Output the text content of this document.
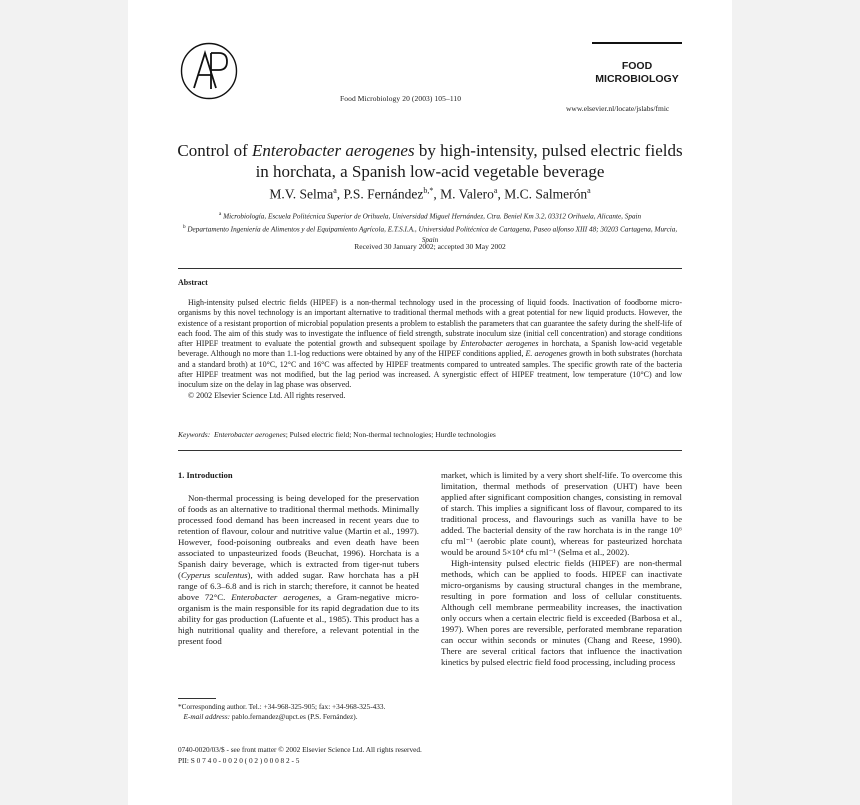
Food Microbiology 20 (2003) 105–110
FOOD
MICROBIOLOGY
www.elsevier.nl/locate/jslabs/fmic
Control of Enterobacter aerogenes by high-intensity, pulsed electric fields in horchata, a Spanish low-acid vegetable beverage
M.V. Selma$^a$, P.S. Fernández$^{b,*}$, M. Valero$^a$, M.C. Salmerón$^a$
$^a$ Microbiología, Escuela Politécnica Superior de Orihuela, Universidad Miguel Hernández, Ctra. Beniel Km 3.2, 03312 Orihuela, Alicante, Spain
$^b$ Departamento Ingeniería de Alimentos y del Equipamiento Agrícola, E.T.S.I.A., Universidad Politécnica de Cartagena, Paseo alfonso XIII 48; 30203 Cartagena, Murcia, Spain
Received 30 January 2002; accepted 30 May 2002
Abstract

High-intensity pulsed electric fields (HIPEF) is a non-thermal technology used in the processing of liquid foods. Inactivation of foodborne micro-organisms by this novel technology is an important alternative to traditional thermal methods with a great potential for new liquid products. However, the existence of a resistant proportion of microbial population presents a problem to establish the parameters that can guarantee the safety during the shelf-life of each food. The aim of this study was to investigate the influence of field strength, substrate inoculum size (initial cell concentration) and storage conditions after HIPEF treatment to evaluate the potential growth and subsequent spoilage by Enterobacter aerogenes in horchata, a Spanish low-acid vegetable beverage. Although no more than 1.1-log reductions were obtained by any of the HIPEF conditions applied, E. aerogenes growth in both substrates (horchata and a standard broth) at 10°C, 12°C and 16°C was affected by HIPEF treatments compared to untreated samples. The specific growth rate of the bacteria after HIPEF treatment was not modified, but the lag period was increased. A synergistic effect of HIPEF treatment, low temperature (10°C) and low inoculum size on the delay in lag phase was observed.

© 2002 Elsevier Science Ltd. All rights reserved.

Keywords: Enterobacter aerogenes; Pulsed electric field; Non-thermal technologies; Hurdle technologies

1. Introduction

Non-thermal processing is being developed for the preservation of foods as an alternative to traditional thermal methods. Minimally processed food demand has been increased in recent years due to retention of flavour, colour and nutritive value (Martin et al., 1997). However, food-poisoning outbreaks and even death have been associated to unpasteurized foods (Beuchat, 1996). Horchata is a Spanish dairy beverage, which is extracted from tiger-nut tubers (Cyperus sculentus), with added sugar. Raw horchata has a pH range of 6.3–6.8 and is rich in starch; therefore, it cannot be heated above 72°C. Enterobacter aerogenes, a Gram-negative micro-organism is the main responsible for its rapid degradation due to its ability for gas production (Lafuente et al., 1985). This product has a high nutritional quality and therefore, a relevant potential in the present food

market, which is limited by a very short shelf-life. To overcome this limitation, thermal methods of preservation (UHT) have been applied after significant composition changes, consisting in removal of starch. This implies a significant loss of flavour, compared to its traditional process, and flavourings such as vanilla have to be added. The bacterial density of the raw horchata is in the range 10⁶ cfu ml⁻¹ (aerobic plate count), whereas for pasteurized horchata would be around 5×10⁴ cfu ml⁻¹ (Selma et al., 2002).

High-intensity pulsed electric fields (HIPEF) are non-thermal methods, which can be applied to foods. HIPEF can inactivate micro-organisms by causing structural changes in the membrane, resulting in pore formation and loss of cellular constituents. Although cell membrane permeability increases, the inactivation only occurs when a certain electric field is exceeded (Barbosa et al., 1997). When pores are reversible, perforated membrane reparation can occur within seconds or minutes (Chang and Reese, 1990). There are several critical factors that influence the inactivation kinetics by pulsed electric field food processing, including process

*Corresponding author. Tel.: +34-968-325-905; fax: +34-968-325-433.

E-mail address: pablo.fernandez@upct.es (P.S. Fernández).

0740-0020/03/$ - see front matter © 2002 Elsevier Science Ltd. All rights reserved.

PII: S 0 7 4 0 - 0 0 2 0 ( 0 2 ) 0 0 0 8 2 - 5
